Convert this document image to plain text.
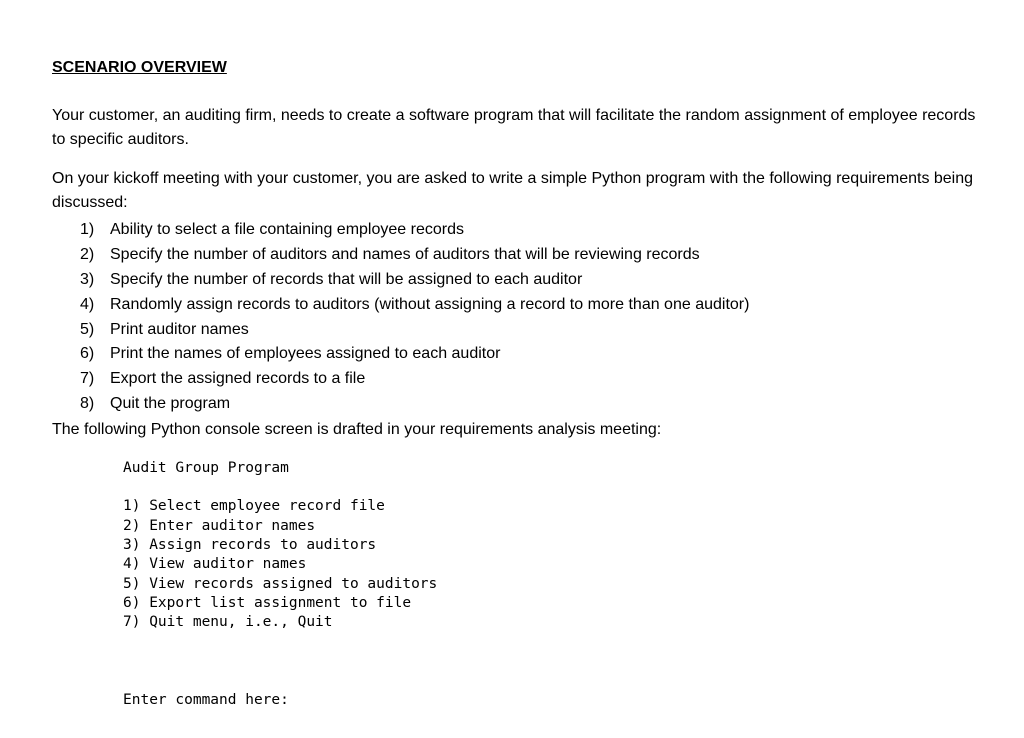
SCENARIO OVERVIEW

Your customer, an auditing firm, needs to create a software program that will facilitate the random assignment of employee records to specific auditors.

On your kickoff meeting with your customer, you are asked to write a simple Python program with the following requirements being discussed:

1) Ability to select a file containing employee records
2) Specify the number of auditors and names of auditors that will be reviewing records
3) Specify the number of records that will be assigned to each auditor
4) Randomly assign records to auditors (without assigning a record to more than one auditor)
5) Print auditor names
6) Print the names of employees assigned to each auditor
7) Export the assigned records to a file
8) Quit the program

The following Python console screen is drafted in your requirements analysis meeting:

Audit Group Program
1) Select employee record file
2) Enter auditor names
3) Assign records to auditors
4) View auditor names
5) View records assigned to auditors
6) Export list assignment to file
7) Quit menu, i.e., Quit
Enter command here:
